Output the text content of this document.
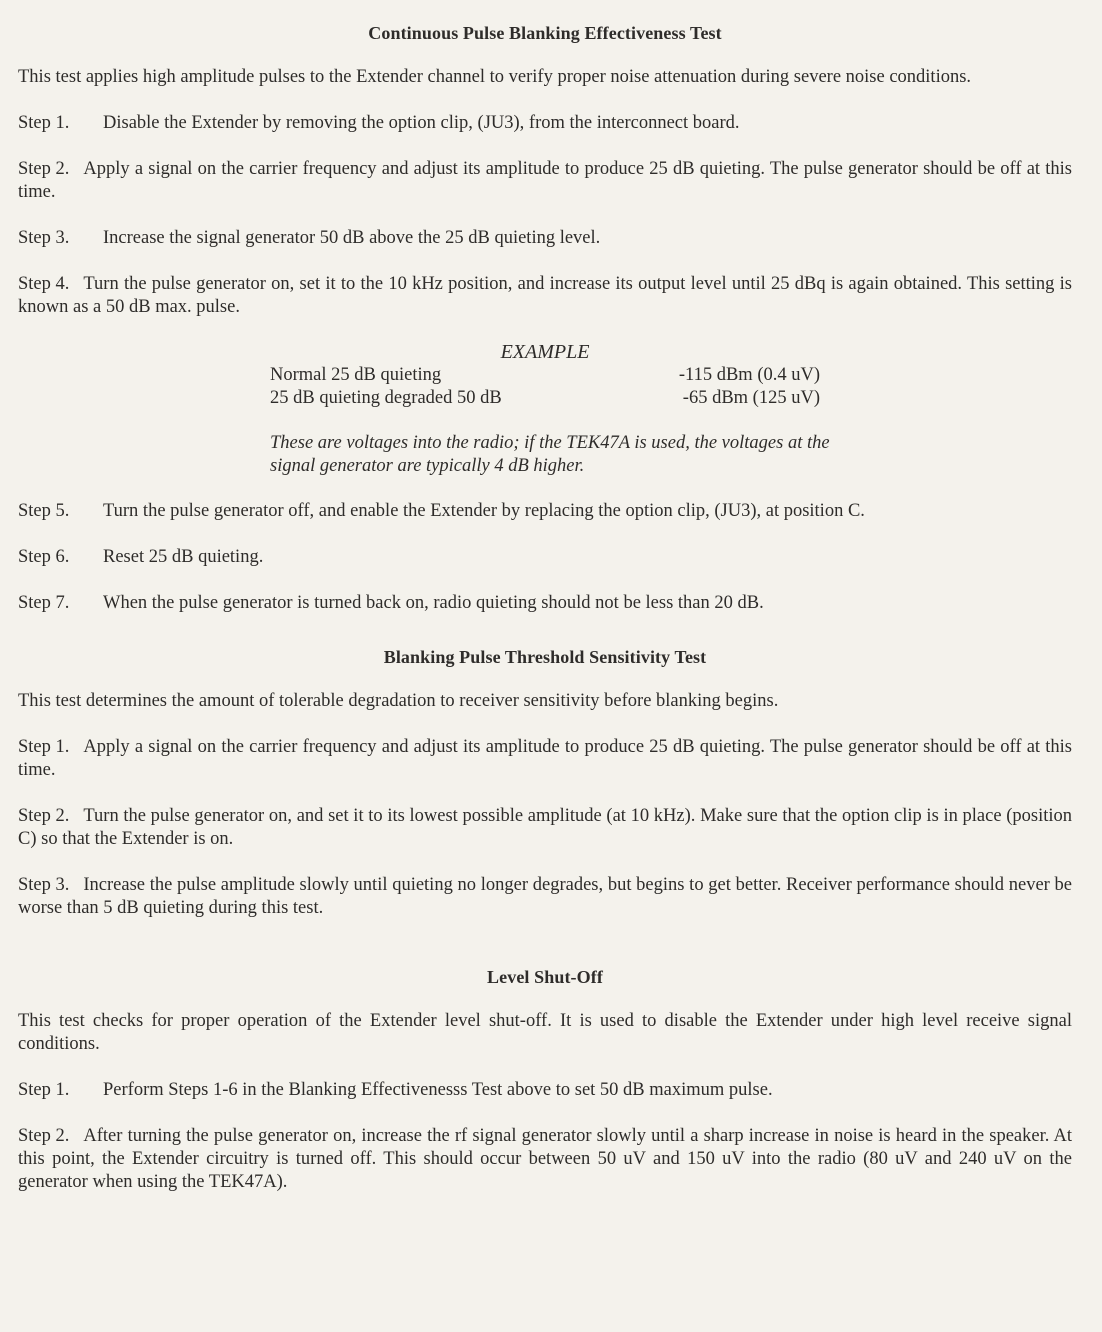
Continuous Pulse Blanking Effectiveness Test
This test applies high amplitude pulses to the Extender channel to verify proper noise attenuation during severe noise conditions.
Step 1. Disable the Extender by removing the option clip, (JU3), from the interconnect board.
Step 2. Apply a signal on the carrier frequency and adjust its amplitude to produce 25 dB quieting. The pulse generator should be off at this time.
Step 3. Increase the signal generator 50 dB above the 25 dB quieting level.
Step 4. Turn the pulse generator on, set it to the 10 kHz position, and increase its output level until 25 dBq is again obtained. This setting is known as a 50 dB max. pulse.
EXAMPLE
Normal 25 dB quieting	-115 dBm (0.4 uV)
25 dB quieting degraded 50 dB	-65 dBm (125 uV)
These are voltages into the radio; if the TEK47A is used, the voltages at the signal generator are typically 4 dB higher.
Step 5. Turn the pulse generator off, and enable the Extender by replacing the option clip, (JU3), at position C.
Step 6. Reset 25 dB quieting.
Step 7. When the pulse generator is turned back on, radio quieting should not be less than 20 dB.
Blanking Pulse Threshold Sensitivity Test
This test determines the amount of tolerable degradation to receiver sensitivity before blanking begins.
Step 1. Apply a signal on the carrier frequency and adjust its amplitude to produce 25 dB quieting. The pulse generator should be off at this time.
Step 2. Turn the pulse generator on, and set it to its lowest possible amplitude (at 10 kHz). Make sure that the option clip is in place (position C) so that the Extender is on.
Step 3. Increase the pulse amplitude slowly until quieting no longer degrades, but begins to get better. Receiver performance should never be worse than 5 dB quieting during this test.
Level Shut-Off
This test checks for proper operation of the Extender level shut-off. It is used to disable the Extender under high level receive signal conditions.
Step 1. Perform Steps 1-6 in the Blanking Effectivenesss Test above to set 50 dB maximum pulse.
Step 2. After turning the pulse generator on, increase the rf signal generator slowly until a sharp increase in noise is heard in the speaker. At this point, the Extender circuitry is turned off. This should occur between 50 uV and 150 uV into the radio (80 uV and 240 uV on the generator when using the TEK47A).
